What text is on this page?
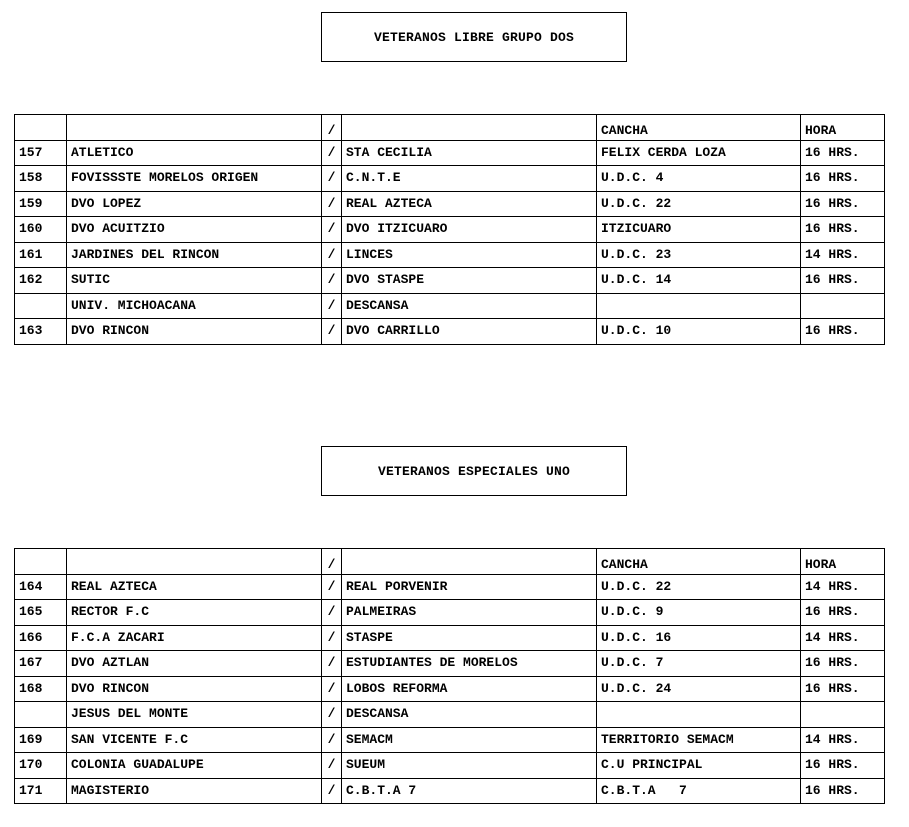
VETERANOS LIBRE GRUPO DOS
		/		CANCHA	HORA
157	ATLETICO	/	STA CECILIA	FELIX CERDA LOZA	16 HRS.
158	FOVISSSTE MORELOS ORIGEN	/	C.N.T.E	U.D.C. 4	16 HRS.
159	DVO LOPEZ	/	REAL AZTECA	U.D.C. 22	16 HRS.
160	DVO ACUITZIO	/	DVO ITZICUARO	ITZICUARO	16 HRS.
161	JARDINES DEL RINCON	/	LINCES	U.D.C. 23	14 HRS.
162	SUTIC	/	DVO STASPE	U.D.C. 14	16 HRS.
	UNIV. MICHOACANA	/	DESCANSA		
163	DVO RINCON	/	DVO CARRILLO	U.D.C. 10	16 HRS.
VETERANOS ESPECIALES UNO
		/		CANCHA	HORA
164	REAL AZTECA	/	REAL PORVENIR	U.D.C. 22	14 HRS.
165	RECTOR F.C	/	PALMEIRAS	U.D.C. 9	16 HRS.
166	F.C.A ZACARI	/	STASPE	U.D.C. 16	14 HRS.
167	DVO AZTLAN	/	ESTUDIANTES DE MORELOS	U.D.C. 7	16 HRS.
168	DVO RINCON	/	LOBOS REFORMA	U.D.C. 24	16 HRS.
	JESUS DEL MONTE	/	DESCANSA		
169	SAN VICENTE F.C	/	SEMACM	TERRITORIO SEMACM	14 HRS.
170	COLONIA GUADALUPE	/	SUEUM	C.U PRINCIPAL	16 HRS.
171	MAGISTERIO	/	C.B.T.A 7	C.B.T.A   7	16 HRS.
